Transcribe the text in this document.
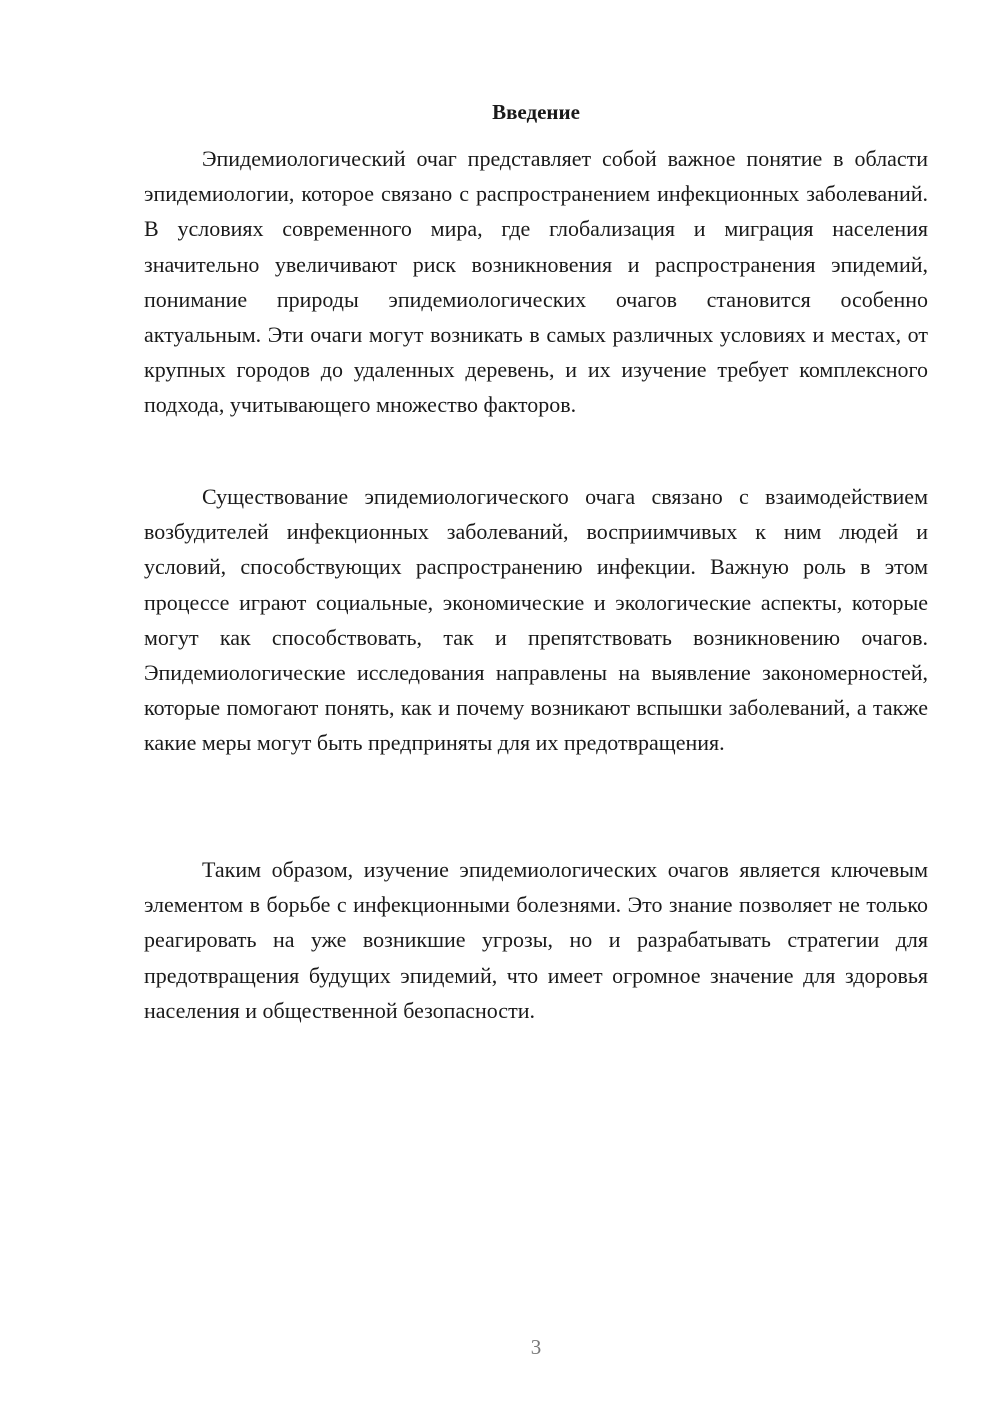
Введение

Эпидемиологический очаг представляет собой важное понятие в области эпидемиологии, которое связано с распространением инфекционных заболеваний. В условиях современного мира, где глобализация и миграция населения значительно увеличивают риск возникновения и распространения эпидемий, понимание природы эпидемиологических очагов становится особенно актуальным. Эти очаги могут возникать в самых различных условиях и местах, от крупных городов до удаленных деревень, и их изучение требует комплексного подхода, учитывающего множество факторов.

Существование эпидемиологического очага связано с взаимодействием возбудителей инфекционных заболеваний, восприимчивых к ним людей и условий, способствующих распространению инфекции. Важную роль в этом процессе играют социальные, экономические и экологические аспекты, которые могут как способствовать, так и препятствовать возникновению очагов. Эпидемиологические исследования направлены на выявление закономерностей, которые помогают понять, как и почему возникают вспышки заболеваний, а также какие меры могут быть предприняты для их предотвращения.

Таким образом, изучение эпидемиологических очагов является ключевым элементом в борьбе с инфекционными болезнями. Это знание позволяет не только реагировать на уже возникшие угрозы, но и разрабатывать стратегии для предотвращения будущих эпидемий, что имеет огромное значение для здоровья населения и общественной безопасности.

3
